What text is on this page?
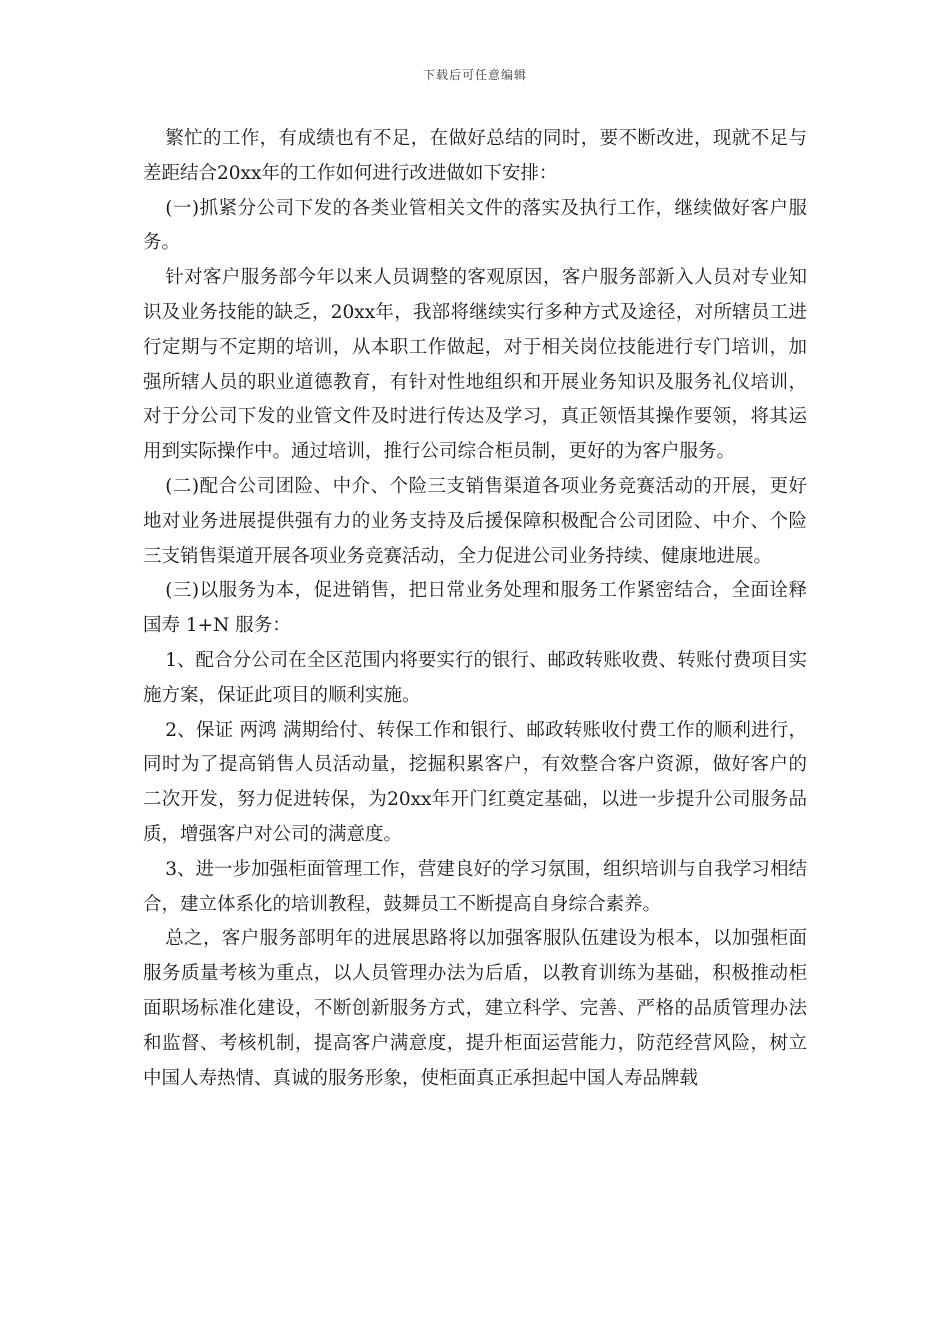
下载后可任意编辑

繁忙的工作，有成绩也有不足，在做好总结的同时，要不断改进，现就不足与差距结合20xx年的工作如何进行改进做如下安排：

(一)抓紧分公司下发的各类业管相关文件的落实及执行工作，继续做好客户服务。

针对客户服务部今年以来人员调整的客观原因，客户服务部新入人员对专业知识及业务技能的缺乏，20xx年，我部将继续实行多种方式及途径，对所辖员工进行定期与不定期的培训，从本职工作做起，对于相关岗位技能进行专门培训，加强所辖人员的职业道德教育，有针对性地组织和开展业务知识及服务礼仪培训，对于分公司下发的业管文件及时进行传达及学习，真正领悟其操作要领，将其运用到实际操作中。通过培训，推行公司综合柜员制，更好的为客户服务。

(二)配合公司团险、中介、个险三支销售渠道各项业务竞赛活动的开展，更好地对业务进展提供强有力的业务支持及后援保障积极配合公司团险、中介、个险三支销售渠道开展各项业务竞赛活动，全力促进公司业务持续、健康地进展。

(三)以服务为本，促进销售，把日常业务处理和服务工作紧密结合，全面诠释国寿 1+N 服务：

1、配合分公司在全区范围内将要实行的银行、邮政转账收费、转账付费项目实施方案，保证此项目的顺利实施。

2、保证 两鸿 满期给付、转保工作和银行、邮政转账收付费工作的顺利进行，同时为了提高销售人员活动量，挖掘积累客户，有效整合客户资源，做好客户的二次开发，努力促进转保，为20xx年开门红奠定基础，以进一步提升公司服务品质，增强客户对公司的满意度。

3、进一步加强柜面管理工作，营建良好的学习氛围，组织培训与自我学习相结合，建立体系化的培训教程，鼓舞员工不断提高自身综合素养。

总之，客户服务部明年的进展思路将以加强客服队伍建设为根本，以加强柜面服务质量考核为重点，以人员管理办法为后盾，以教育训练为基础，积极推动柜面职场标准化建设，不断创新服务方式，建立科学、完善、严格的品质管理办法和监督、考核机制，提高客户满意度，提升柜面运营能力，防范经营风险，树立中国人寿热情、真诚的服务形象，使柜面真正承担起中国人寿品牌载
